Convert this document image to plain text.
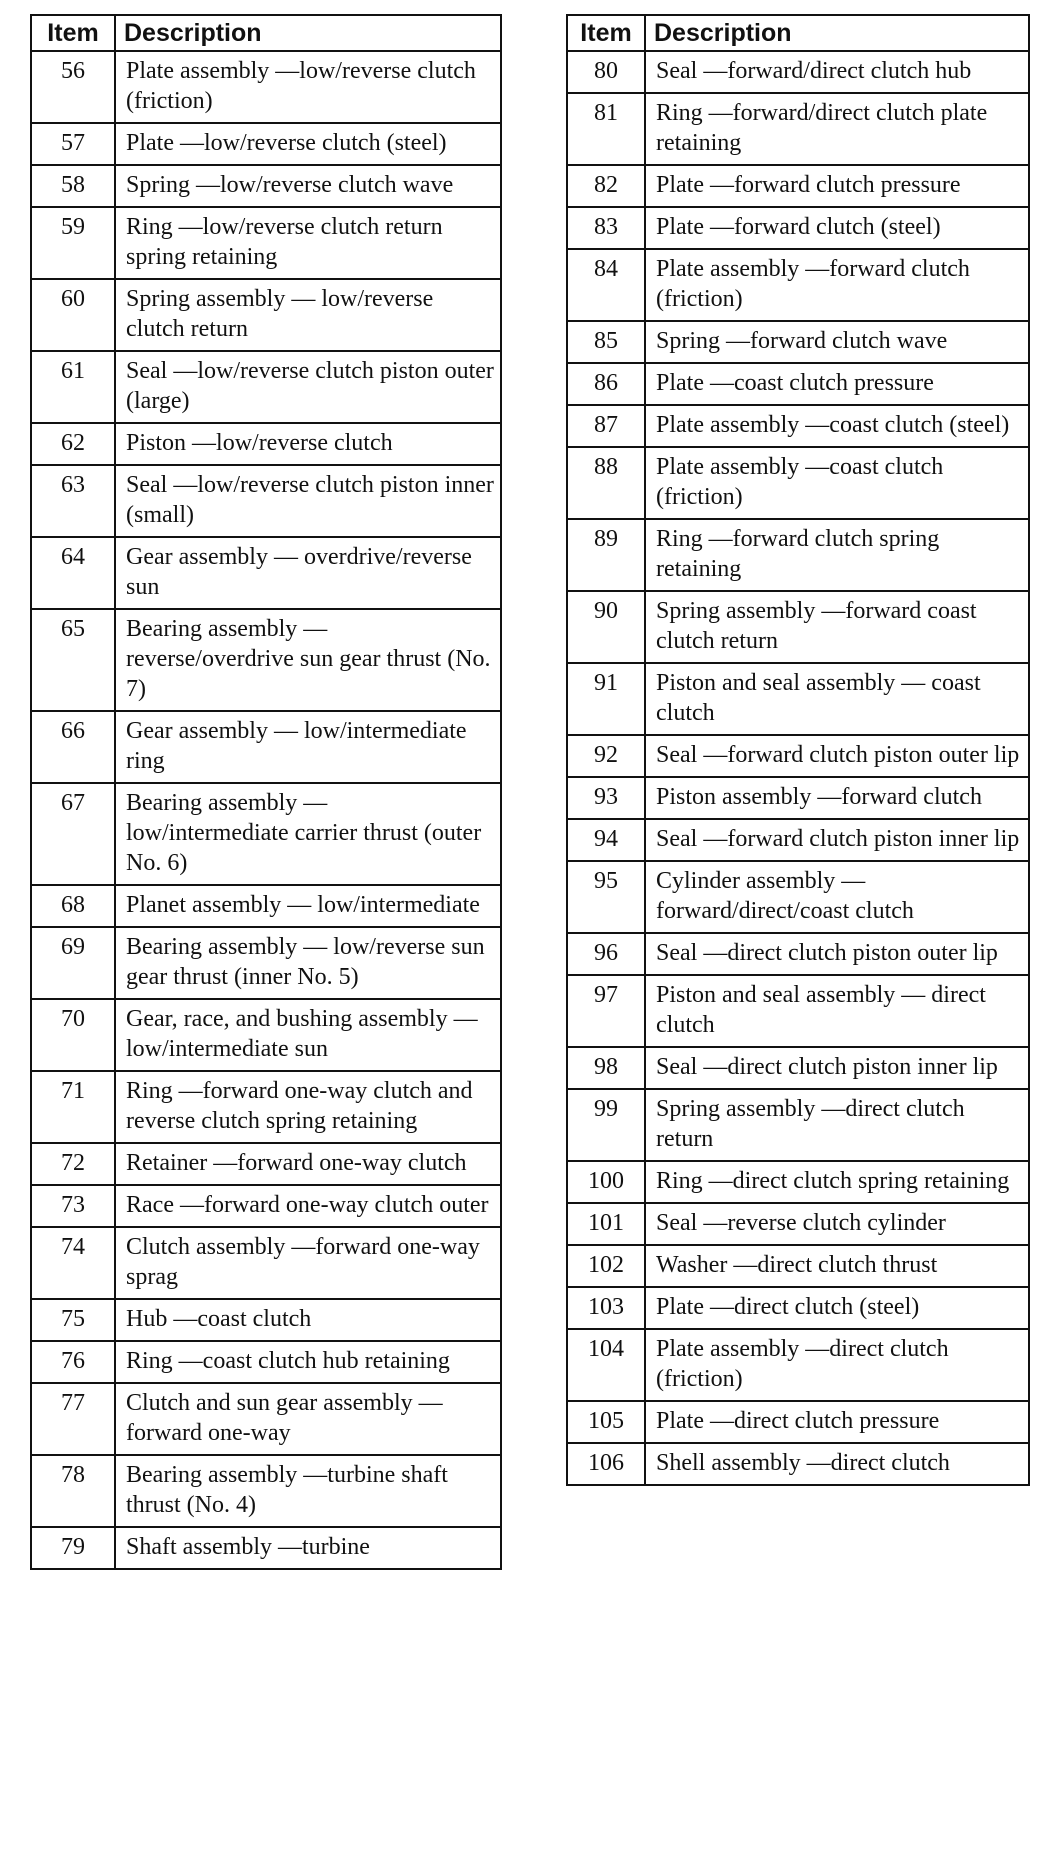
Item	Description
56	Plate assembly —low/reverse clutch (friction)
57	Plate —low/reverse clutch (steel)
58	Spring —low/reverse clutch wave
59	Ring —low/reverse clutch return spring retaining
60	Spring assembly — low/reverse clutch return
61	Seal —low/reverse clutch piston outer (large)
62	Piston —low/reverse clutch
63	Seal —low/reverse clutch piston inner (small)
64	Gear assembly — overdrive/reverse sun
65	Bearing assembly — reverse/overdrive sun gear thrust (No. 7)
66	Gear assembly — low/intermediate ring
67	Bearing assembly — low/intermediate carrier thrust (outer No. 6)
68	Planet assembly — low/intermediate
69	Bearing assembly — low/reverse sun gear thrust (inner No. 5)
70	Gear, race, and bushing assembly —low/intermediate sun
71	Ring —forward one-way clutch and reverse clutch spring retaining
72	Retainer —forward one-way clutch
73	Race —forward one-way clutch outer
74	Clutch assembly —forward one-way sprag
75	Hub —coast clutch
76	Ring —coast clutch hub retaining
77	Clutch and sun gear assembly —forward one-way
78	Bearing assembly —turbine shaft thrust (No. 4)
79	Shaft assembly —turbine
Item	Description
80	Seal —forward/direct clutch hub
81	Ring —forward/direct clutch plate retaining
82	Plate —forward clutch pressure
83	Plate —forward clutch (steel)
84	Plate assembly —forward clutch (friction)
85	Spring —forward clutch wave
86	Plate —coast clutch pressure
87	Plate assembly —coast clutch (steel)
88	Plate assembly —coast clutch (friction)
89	Ring —forward clutch spring retaining
90	Spring assembly —forward coast clutch return
91	Piston and seal assembly — coast clutch
92	Seal —forward clutch piston outer lip
93	Piston assembly —forward clutch
94	Seal —forward clutch piston inner lip
95	Cylinder assembly — forward/direct/coast clutch
96	Seal —direct clutch piston outer lip
97	Piston and seal assembly — direct clutch
98	Seal —direct clutch piston inner lip
99	Spring assembly —direct clutch return
100	Ring —direct clutch spring retaining
101	Seal —reverse clutch cylinder
102	Washer —direct clutch thrust
103	Plate —direct clutch (steel)
104	Plate assembly —direct clutch (friction)
105	Plate —direct clutch pressure
106	Shell assembly —direct clutch
